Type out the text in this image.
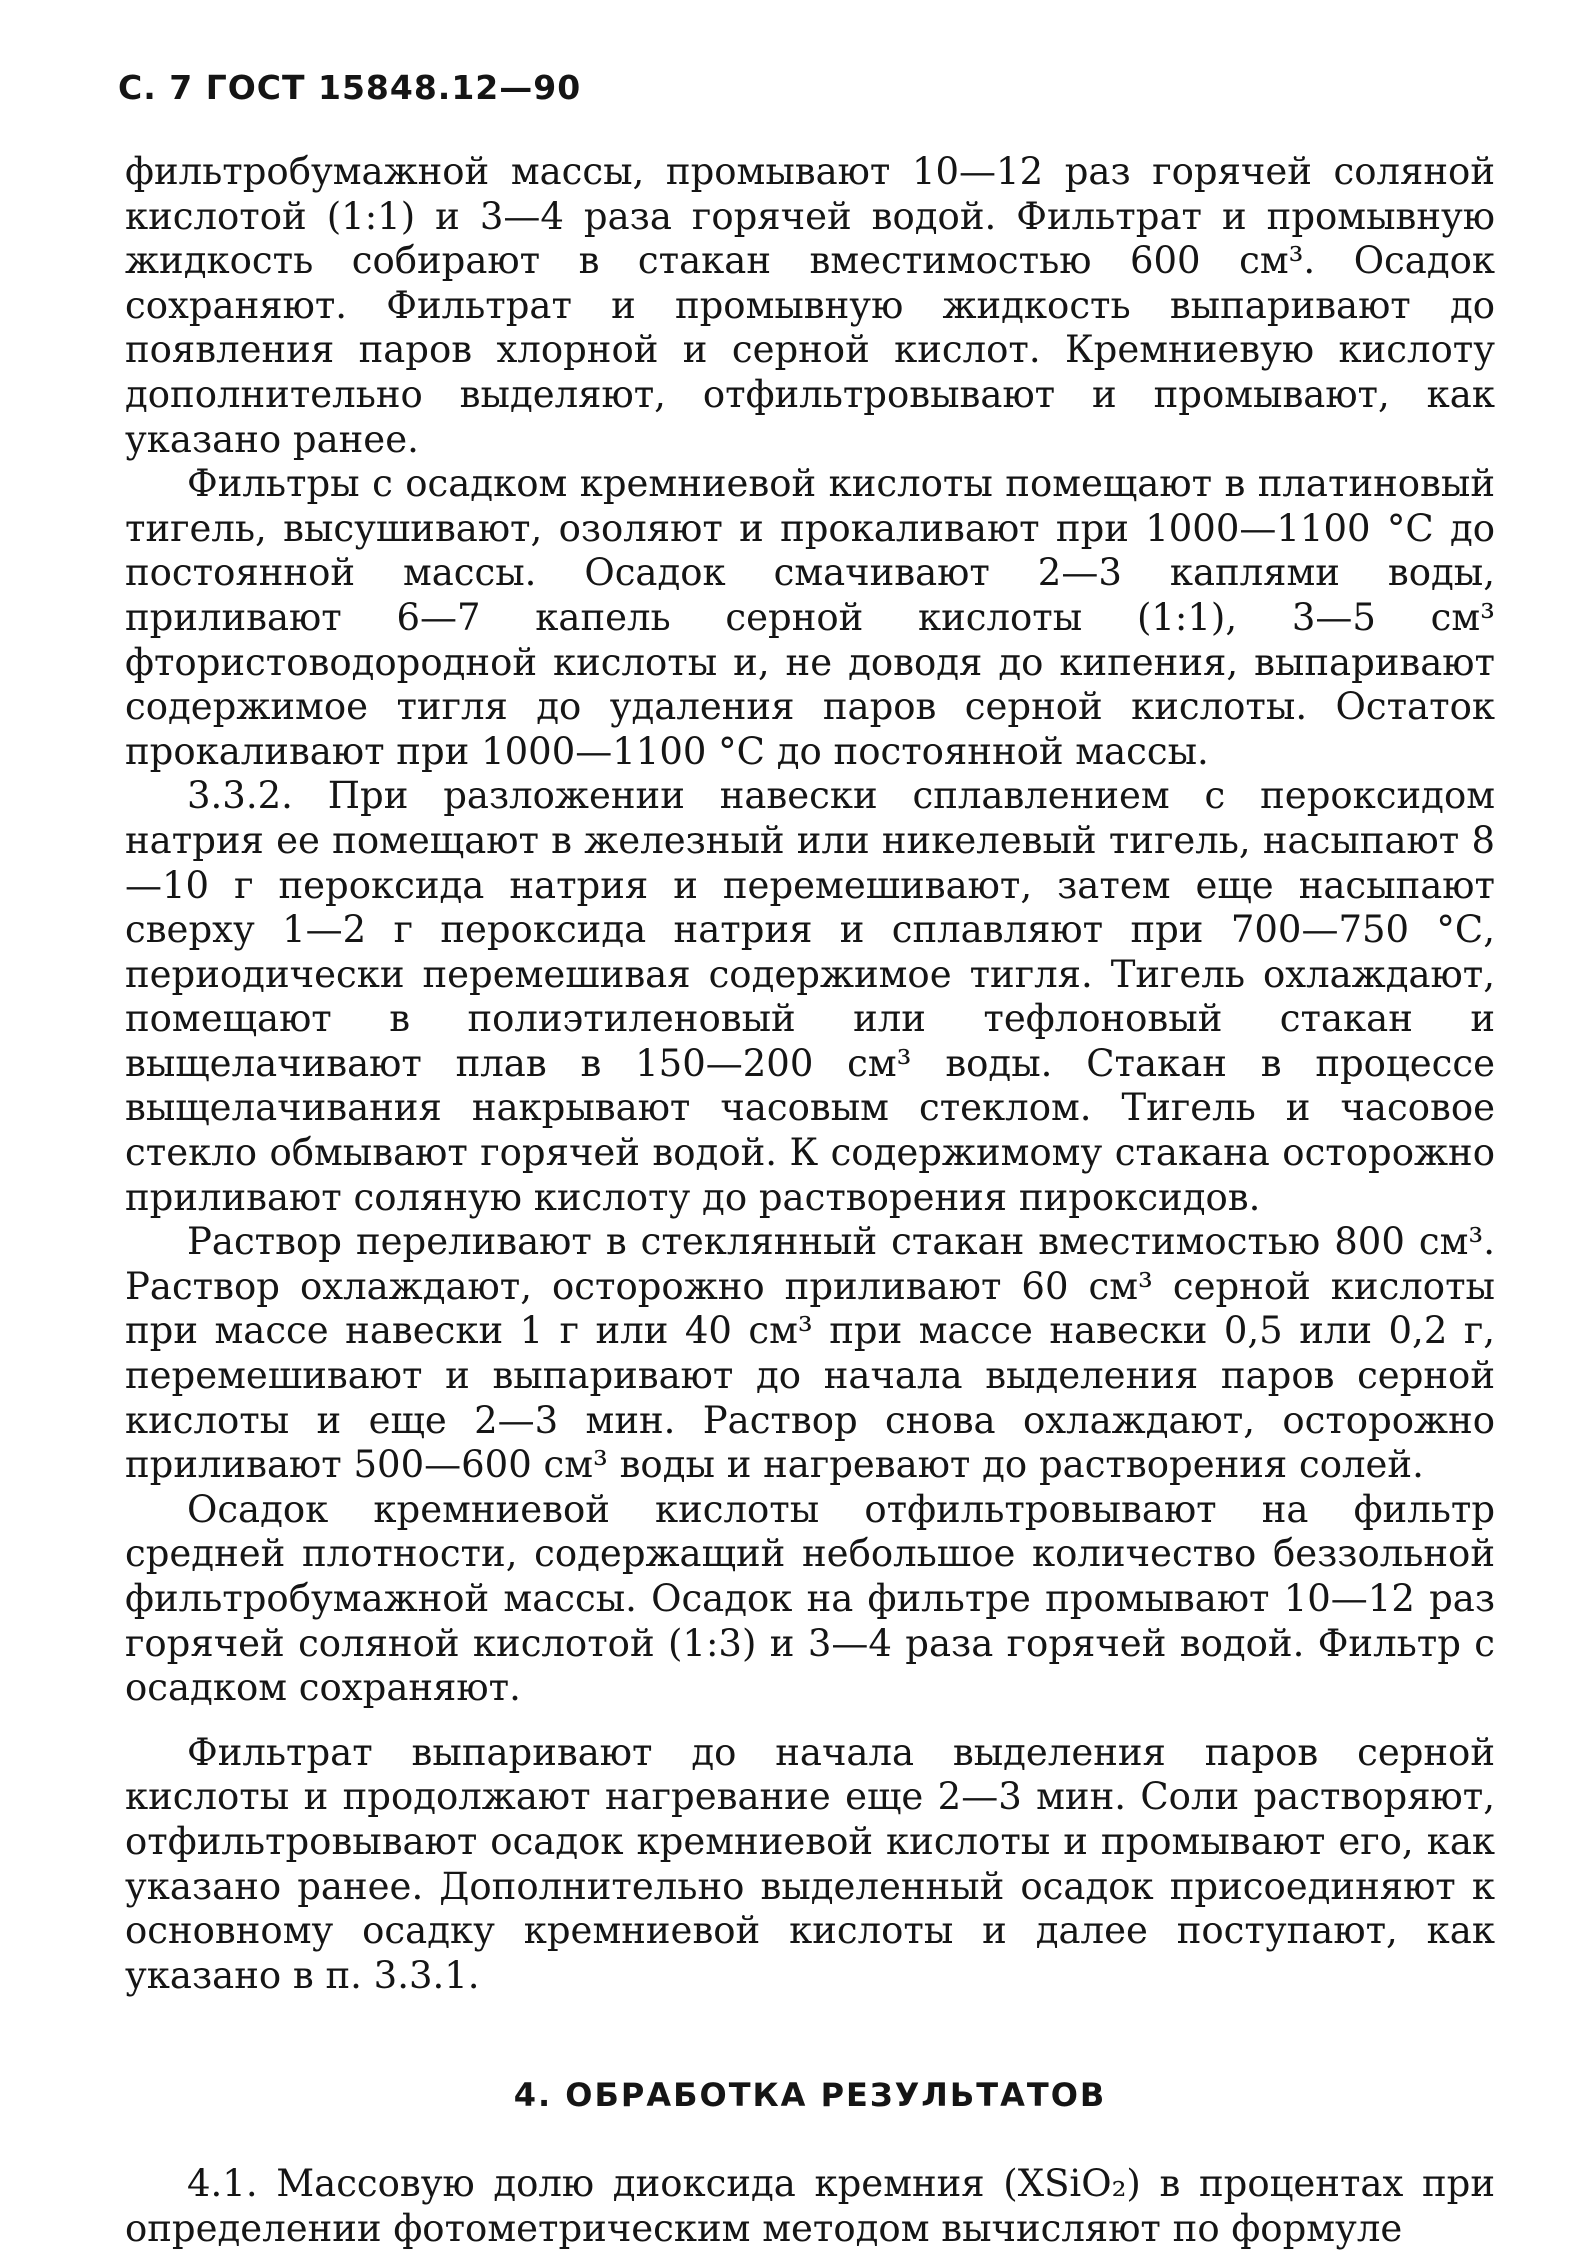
С. 7 ГОСТ 15848.12—90

фильтробумажной массы, промывают 10—12 раз горячей соляной кислотой (1:1) и 3—4 раза горячей водой. Фильтрат и промывную жидкость собирают в стакан вместимостью 600 см³. Осадок сохраняют. Фильтрат и промывную жидкость выпаривают до появления паров хлорной и серной кислот. Кремниевую кислоту дополнительно выделяют, отфильтровывают и промывают, как указано ранее.

Фильтры с осадком кремниевой кислоты помещают в платиновый тигель, высушивают, озоляют и прокаливают при 1000—1100 °С до постоянной массы. Осадок смачивают 2—3 каплями воды, приливают 6—7 капель серной кислоты (1:1), 3—5 см³ фтористоводородной кислоты и, не доводя до кипения, выпаривают содержимое тигля до удаления паров серной кислоты. Остаток прокаливают при 1000—1100 °С до постоянной массы.

3.3.2. При разложении навески сплавлением с пероксидом натрия ее помещают в железный или никелевый тигель, насыпают 8—10 г пероксида натрия и перемешивают, затем еще насыпают сверху 1—2 г пероксида натрия и сплавляют при 700—750 °С, периодически перемешивая содержимое тигля. Тигель охлаждают, помещают в полиэтиленовый или тефлоновый стакан и выщелачивают плав в 150—200 см³ воды. Стакан в процессе выщелачивания накрывают часовым стеклом. Тигель и часовое стекло обмывают горячей водой. К содержимому стакана осторожно приливают соляную кислоту до растворения пироксидов.

Раствор переливают в стеклянный стакан вместимостью 800 см³. Раствор охлаждают, осторожно приливают 60 см³ серной кислоты при массе навески 1 г или 40 см³ при массе навески 0,5 или 0,2 г, перемешивают и выпаривают до начала выделения паров серной кислоты и еще 2—3 мин. Раствор снова охлаждают, осторожно приливают 500—600 см³ воды и нагревают до растворения солей.

Осадок кремниевой кислоты отфильтровывают на фильтр средней плотности, содержащий небольшое количество беззольной фильтробумажной массы. Осадок на фильтре промывают 10—12 раз горячей соляной кислотой (1:3) и 3—4 раза горячей водой. Фильтр с осадком сохраняют.

Фильтрат выпаривают до начала выделения паров серной кислоты и продолжают нагревание еще 2—3 мин. Соли растворяют, отфильтровывают осадок кремниевой кислоты и промывают его, как указано ранее. Дополнительно выделенный осадок присоединяют к основному осадку кремниевой кислоты и далее поступают, как указано в п. 3.3.1.

4. ОБРАБОТКА РЕЗУЛЬТАТОВ

4.1. Массовую долю диоксида кремния (XSiO₂) в процентах при определении фотометрическим методом вычисляют по формуле
